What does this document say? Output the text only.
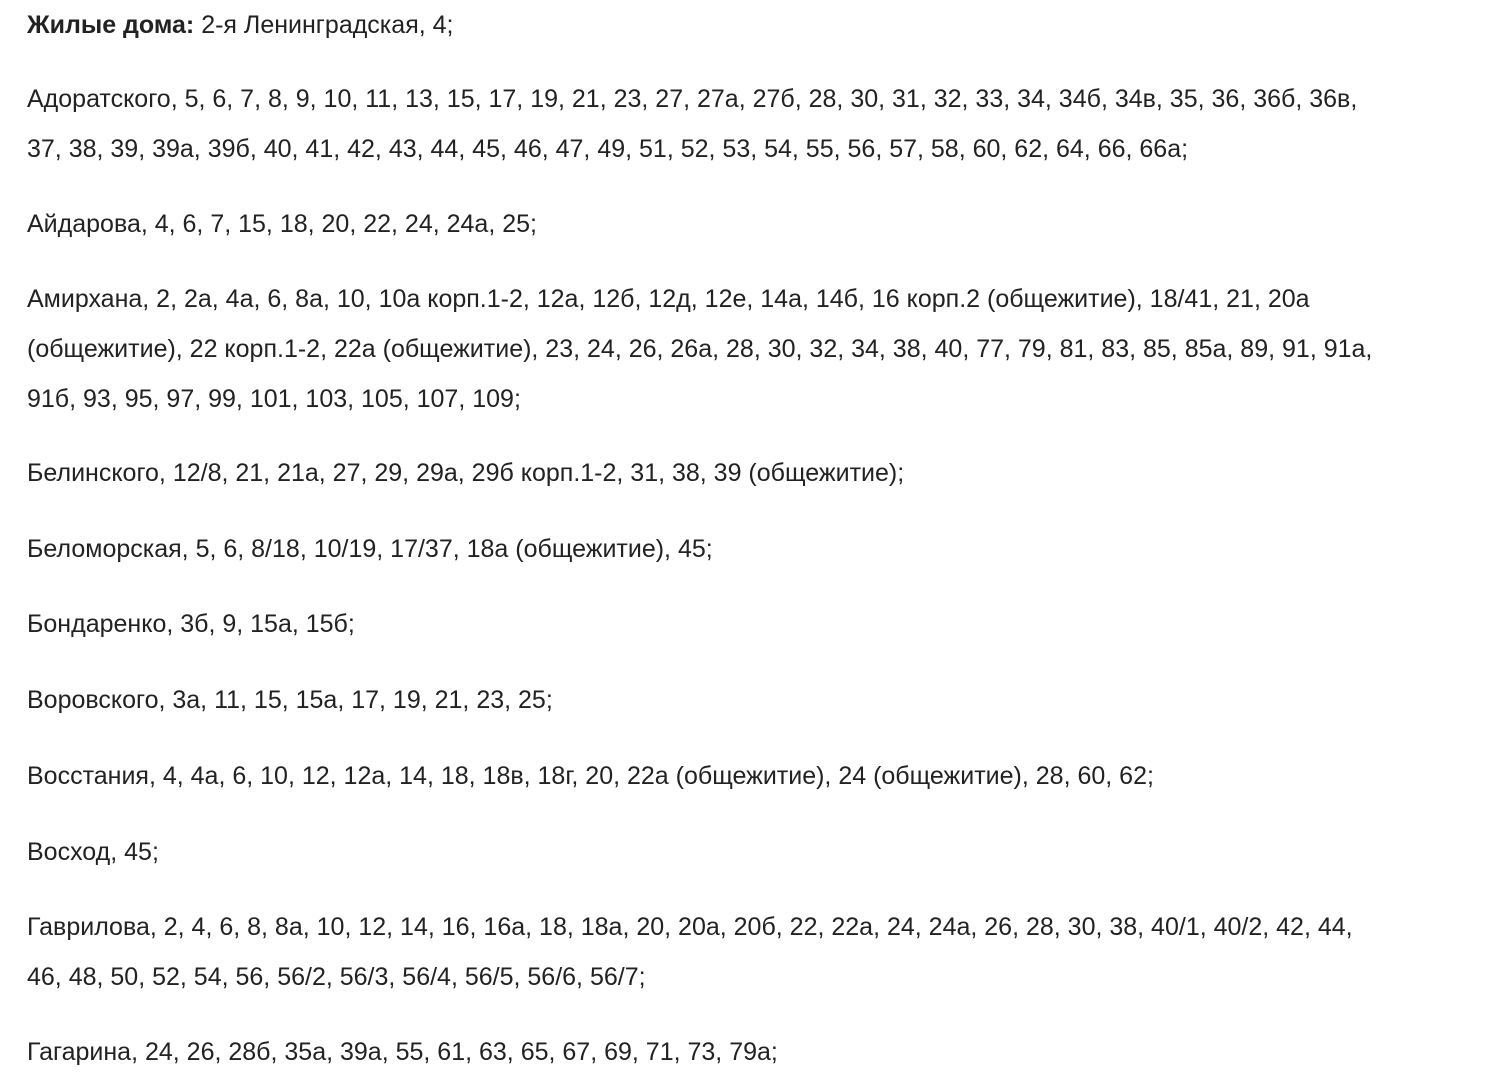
Жилые дома: 2-я Ленинградская, 4;

Адоратского, 5, 6, 7, 8, 9, 10, 11, 13, 15, 17, 19, 21, 23, 27, 27а, 27б, 28, 30, 31, 32, 33, 34, 34б, 34в, 35, 36, 36б, 36в, 37, 38, 39, 39а, 39б, 40, 41, 42, 43, 44, 45, 46, 47, 49, 51, 52, 53, 54, 55, 56, 57, 58, 60, 62, 64, 66, 66а;

Айдарова, 4, 6, 7, 15, 18, 20, 22, 24, 24а, 25;

Амирхана, 2, 2а, 4а, 6, 8а, 10, 10а корп.1-2, 12а, 12б, 12д, 12е, 14а, 14б, 16 корп.2 (общежитие), 18/41, 21, 20а (общежитие), 22 корп.1-2, 22а (общежитие), 23, 24, 26, 26а, 28, 30, 32, 34, 38, 40, 77, 79, 81, 83, 85, 85а, 89, 91, 91а, 91б, 93, 95, 97, 99, 101, 103, 105, 107, 109;

Белинского, 12/8, 21, 21а, 27, 29, 29а, 29б корп.1-2, 31, 38, 39 (общежитие);

Беломорская, 5, 6, 8/18, 10/19, 17/37, 18а (общежитие), 45;

Бондаренко, 3б, 9, 15а, 15б;

Воровского, 3а, 11, 15, 15а, 17, 19, 21, 23, 25;

Восстания, 4, 4а, 6, 10, 12, 12а, 14, 18, 18в, 18г, 20, 22а (общежитие), 24 (общежитие), 28, 60, 62;

Восход, 45;

Гаврилова, 2, 4, 6, 8, 8а, 10, 12, 14, 16, 16а, 18, 18а, 20, 20а, 20б, 22, 22а, 24, 24а, 26, 28, 30, 38, 40/1, 40/2, 42, 44, 46, 48, 50, 52, 54, 56, 56/2, 56/3, 56/4, 56/5, 56/6, 56/7;

Гагарина, 24, 26, 28б, 35а, 39а, 55, 61, 63, 65, 67, 69, 71, 73, 79а;
